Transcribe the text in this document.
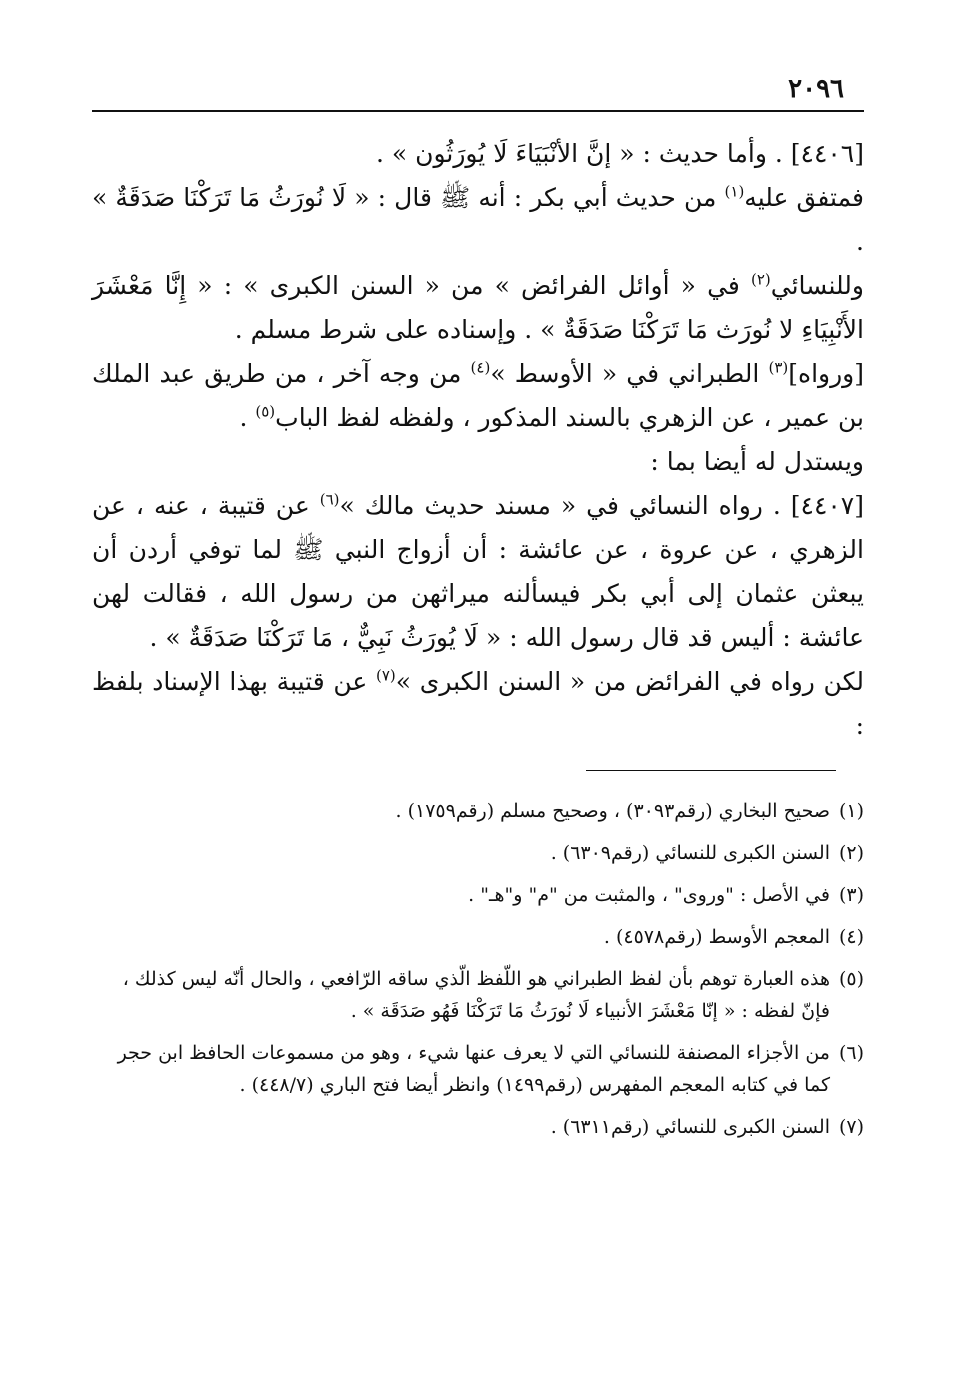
٢٠٩٦

[٤٤٠٦] . وأما حديث : « إنَّ الأنْبَيَاءَ لَا يُورَثُون » .

فمتفق عليه$^{(١)}$ من حديث أبي بكر : أنه ﷺ قال : « لَا نُورَثُ مَا تَرَكْنَا صَدَقَةٌ » .

وللنسائي$^{(٢)}$ في « أوائل الفرائض » من « السنن الكبرى » : « إِنَّا مَعْشَرَ الأَنْبِيَاءِ لا نُورَث مَا تَرَكْنَا صَدَقَةٌ » . وإسناده على شرط مسلم .

[ورواه]$^{(٣)}$ الطبراني في « الأوسط »$^{(٤)}$ من وجه آخر ، من طريق عبد الملك بن عمير ، عن الزهري بالسند المذكور ، ولفظه لفظ الباب$^{(٥)}$ .

ويستدل له أيضا بما :

[٤٤٠٧] . رواه النسائي في « مسند حديث مالك »$^{(٦)}$ عن قتيبة ، عنه ، عن الزهري ، عن عروة ، عن عائشة : أن أزواج النبي ﷺ لما توفي أردن أن يبعثن عثمان إلى أبي بكر فيسألنه ميراثهن من رسول الله ، فقالت لهن عائشة : أليس قد قال رسول الله : « لَا يُورَثُ نَبِيٌّ ، مَا تَرَكْنَا صَدَقَةٌ » .

لكن رواه في الفرائض من « السنن الكبرى »$^{(٧)}$ عن قتيبة بهذا الإسناد بلفظ :

(١)
صحيح البخاري (رقم٣٠٩٣) ، وصحيح مسلم (رقم١٧٥٩) .
(٢)
السنن الكبرى للنسائي (رقم٦٣٠٩) .
(٣)
في الأصل : "وروى" ، والمثبت من "م" و"هـ" .
(٤)
المعجم الأوسط (رقم٤٥٧٨) .
(٥)
هذه العبارة توهم بأن لفظ الطبراني هو اللّفظ الّذي ساقه الرّافعي ، والحال أنّه ليس كذلك ، فإنّ لفظه : « إنّا مَعْشَرَ الأنبياء لَا نُورَثُ مَا تَرَكْنَا فَهُو صَدَقَة » .
(٦)
من الأجزاء المصنفة للنسائي التي لا يعرف عنها شيء ، وهو من مسموعات الحافظ ابن حجر كما في كتابه المعجم المفهرس (رقم١٤٩٩) وانظر أيضا فتح الباري (٤٤٨/٧) .
(٧)
السنن الكبرى للنسائي (رقم٦٣١١) .
